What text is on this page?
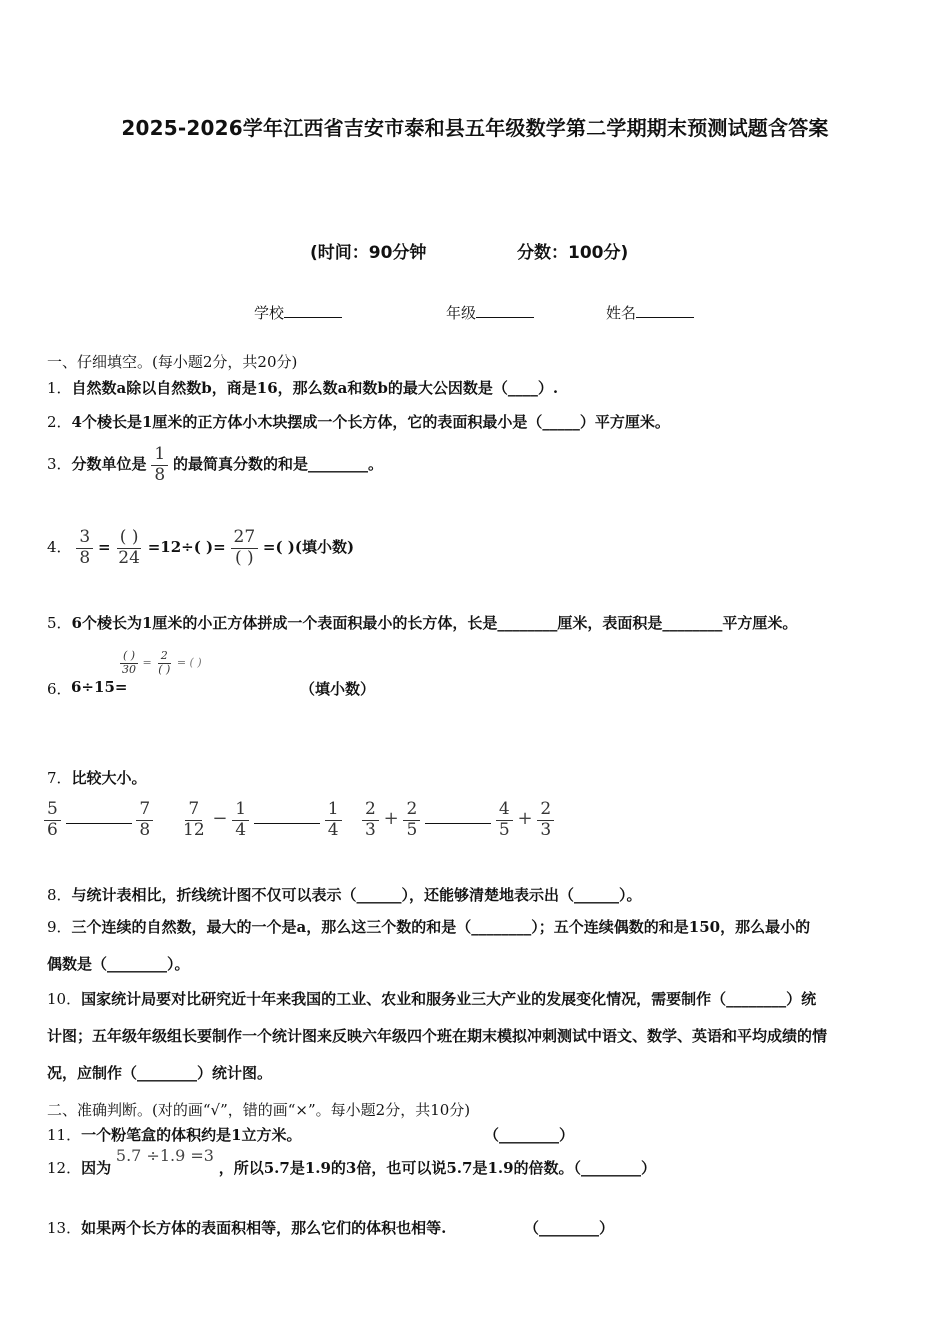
2025-2026学年江西省吉安市泰和县五年级数学第二学期期末预测试题含答案
(时间：90分钟	分数：100分)
学校	年级	姓名
一、仔细填空。(每小题2分，共20分)
1．自然数a除以自然数b，商是16，那么数a和数b的最大公因数是（____）.
2．4个棱长是1厘米的正方体小木块摆成一个长方体，它的表面积最小是（_____）平方厘米。
3．分数单位是 $\frac{1}{8}$ 的最简真分数的和是________。
4． $\frac{3}{8} = \frac{( )}{24} =12\div$( )= $\frac{27}{( )}$ =( )(填小数)
5．6个棱长为1厘米的小正方体拼成一个表面积最小的长方体，长是________厘米，表面积是________平方厘米。
6． 6÷15=
$\frac{( )}{30} = \frac{2}{( )}$ = ( )
（填小数）
7．比较大小。
$\frac{5}{6}$
	$\frac{7}{8} \frac{7}{12} - \frac{1}{4}$
	$\frac{1}{4} \frac{2}{3} + \frac{2}{5}$
	$\frac{4}{5} + \frac{2}{3}$
8．与统计表相比，折线统计图不仅可以表示（______），还能够清楚地表示出（______）。
9．三个连续的自然数，最大的一个是a，那么这三个数的和是（________）；五个连续偶数的和是150，那么最小的
偶数是（________）。
10．国家统计局要对比研究近十年来我国的工业、农业和服务业三大产业的发展变化情况，需要制作（________）统
计图；五年级年级组长要制作一个统计图来反映六年级四个班在期末模拟冲刺测试中语文、数学、英语和平均成绩的情
况，应制作（________）统计图。
二、准确判断。(对的画“√”，错的画“×”。每小题2分，共10分)
11．一个粉笔盒的体积约是1立方米。	（________）
12．因为 5.7 ÷1.9 =3 ，所以5.7是1.9的3倍，也可以说5.7是1.9的倍数。（________）
13．如果两个长方体的表面积相等，那么它们的体积也相等.	（________）
